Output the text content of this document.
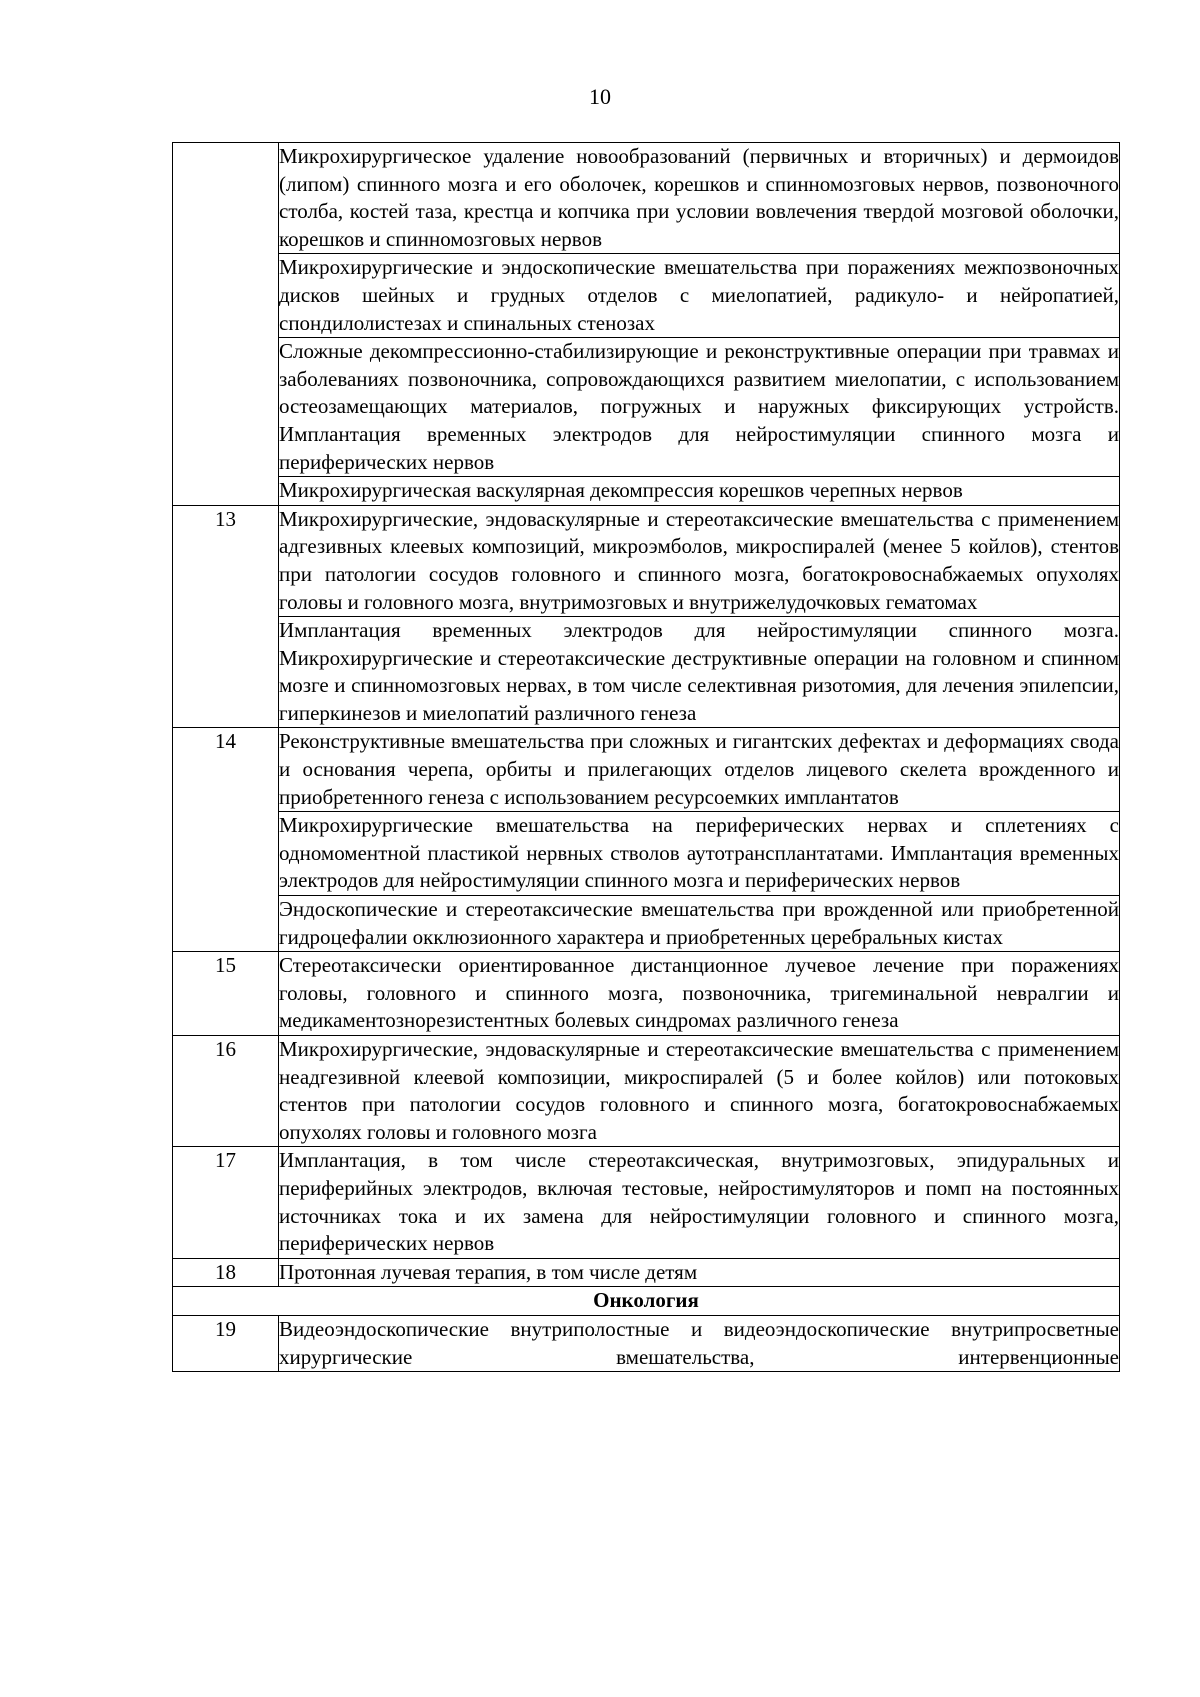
10
	Микрохирургическое удаление новообразований (первичных и вторичных) и дермоидов (липом) спинного мозга и его оболочек, корешков и спинномозговых нервов, позвоночного столба, костей таза, крестца и копчика при условии вовлечения твердой мозговой оболочки, корешков и спинномозговых нервов
	Микрохирургические и эндоскопические вмешательства при поражениях межпозвоночных дисков шейных и грудных отделов с миелопатией, радикуло- и нейропатией, спондилолистезах и спинальных стенозах
	Сложные декомпрессионно-стабилизирующие и реконструктивные операции при травмах и заболеваниях позвоночника, сопровождающихся развитием миелопатии, с использованием остеозамещающих материалов, погружных и наружных фиксирующих устройств. Имплантация временных электродов для нейростимуляции спинного мозга и периферических нервов
	Микрохирургическая васкулярная декомпрессия корешков черепных нервов
13	Микрохирургические, эндоваскулярные и стереотаксические вмешательства с применением адгезивных клеевых композиций, микроэмболов, микроспиралей (менее 5 койлов), стентов при патологии сосудов головного и спинного мозга, богатокровоснабжаемых опухолях головы и головного мозга, внутримозговых и внутрижелудочковых гематомах
	Имплантация временных электродов для нейростимуляции спинного мозга. Микрохирургические и стереотаксические деструктивные операции на головном и спинном мозге и спинномозговых нервах, в том числе селективная ризотомия, для лечения эпилепсии, гиперкинезов и миелопатий различного генеза
14	Реконструктивные вмешательства при сложных и гигантских дефектах и деформациях свода и основания черепа, орбиты и прилегающих отделов лицевого скелета врожденного и приобретенного генеза с использованием ресурсоемких имплантатов
	Микрохирургические вмешательства на периферических нервах и сплетениях с одномоментной пластикой нервных стволов аутотрансплантатами. Имплантация временных электродов для нейростимуляции спинного мозга и периферических нервов
	Эндоскопические и стереотаксические вмешательства при врожденной или приобретенной гидроцефалии окклюзионного характера и приобретенных церебральных кистах
15	Стереотаксически ориентированное дистанционное лучевое лечение при поражениях головы, головного и спинного мозга, позвоночника, тригеминальной невралгии и медикаментознорезистентных болевых синдромах различного генеза
16	Микрохирургические, эндоваскулярные и стереотаксические вмешательства с применением неадгезивной клеевой композиции, микроспиралей (5 и более койлов) или потоковых стентов при патологии сосудов головного и спинного мозга, богатокровоснабжаемых опухолях головы и головного мозга
17	Имплантация, в том числе стереотаксическая, внутримозговых, эпидуральных и периферийных электродов, включая тестовые, нейростимуляторов и помп на постоянных источниках тока и их замена для нейростимуляции головного и спинного мозга, периферических нервов
18	Протонная лучевая терапия, в том числе детям
Онкология	
19	Видеоэндоскопические внутриполостные и видеоэндоскопические внутрипросветные хирургические вмешательства, интервенционные
